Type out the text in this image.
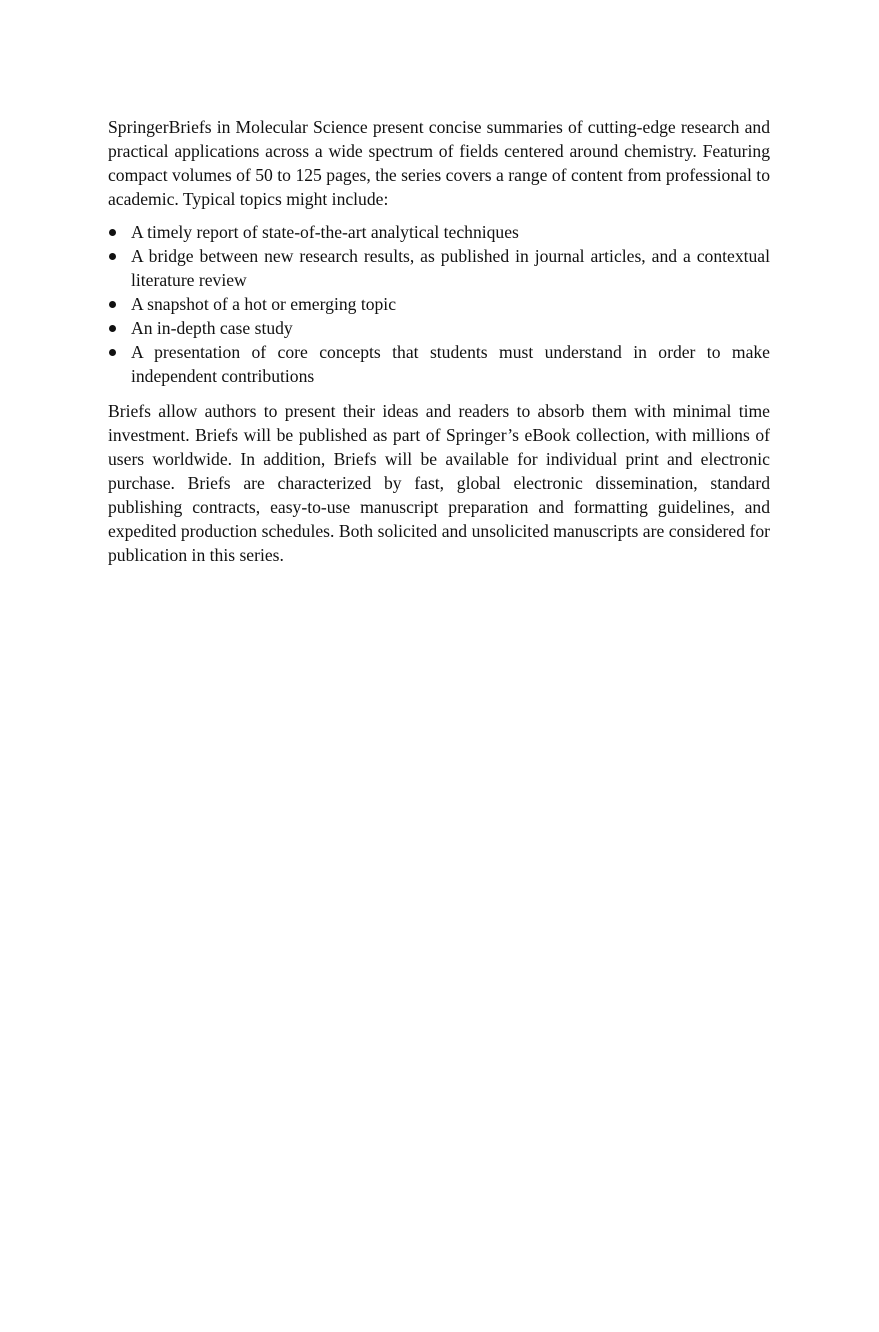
SpringerBriefs in Molecular Science present concise summaries of cutting-edge research and practical applications across a wide spectrum of fields centered around chemistry. Featuring compact volumes of 50 to 125 pages, the series covers a range of content from professional to academic. Typical topics might include:

A timely report of state-of-the-art analytical techniques
A bridge between new research results, as published in journal articles, and a contextual literature review
A snapshot of a hot or emerging topic
An in-depth case study
A presentation of core concepts that students must understand in order to make independent contributions

Briefs allow authors to present their ideas and readers to absorb them with minimal time investment. Briefs will be published as part of Springer’s eBook collection, with millions of users worldwide. In addition, Briefs will be available for individual print and electronic purchase. Briefs are characterized by fast, global electronic dissemination, standard publishing contracts, easy-to-use manuscript preparation and formatting guidelines, and expedited production schedules. Both solicited and unsolicited manuscripts are considered for publication in this series.
